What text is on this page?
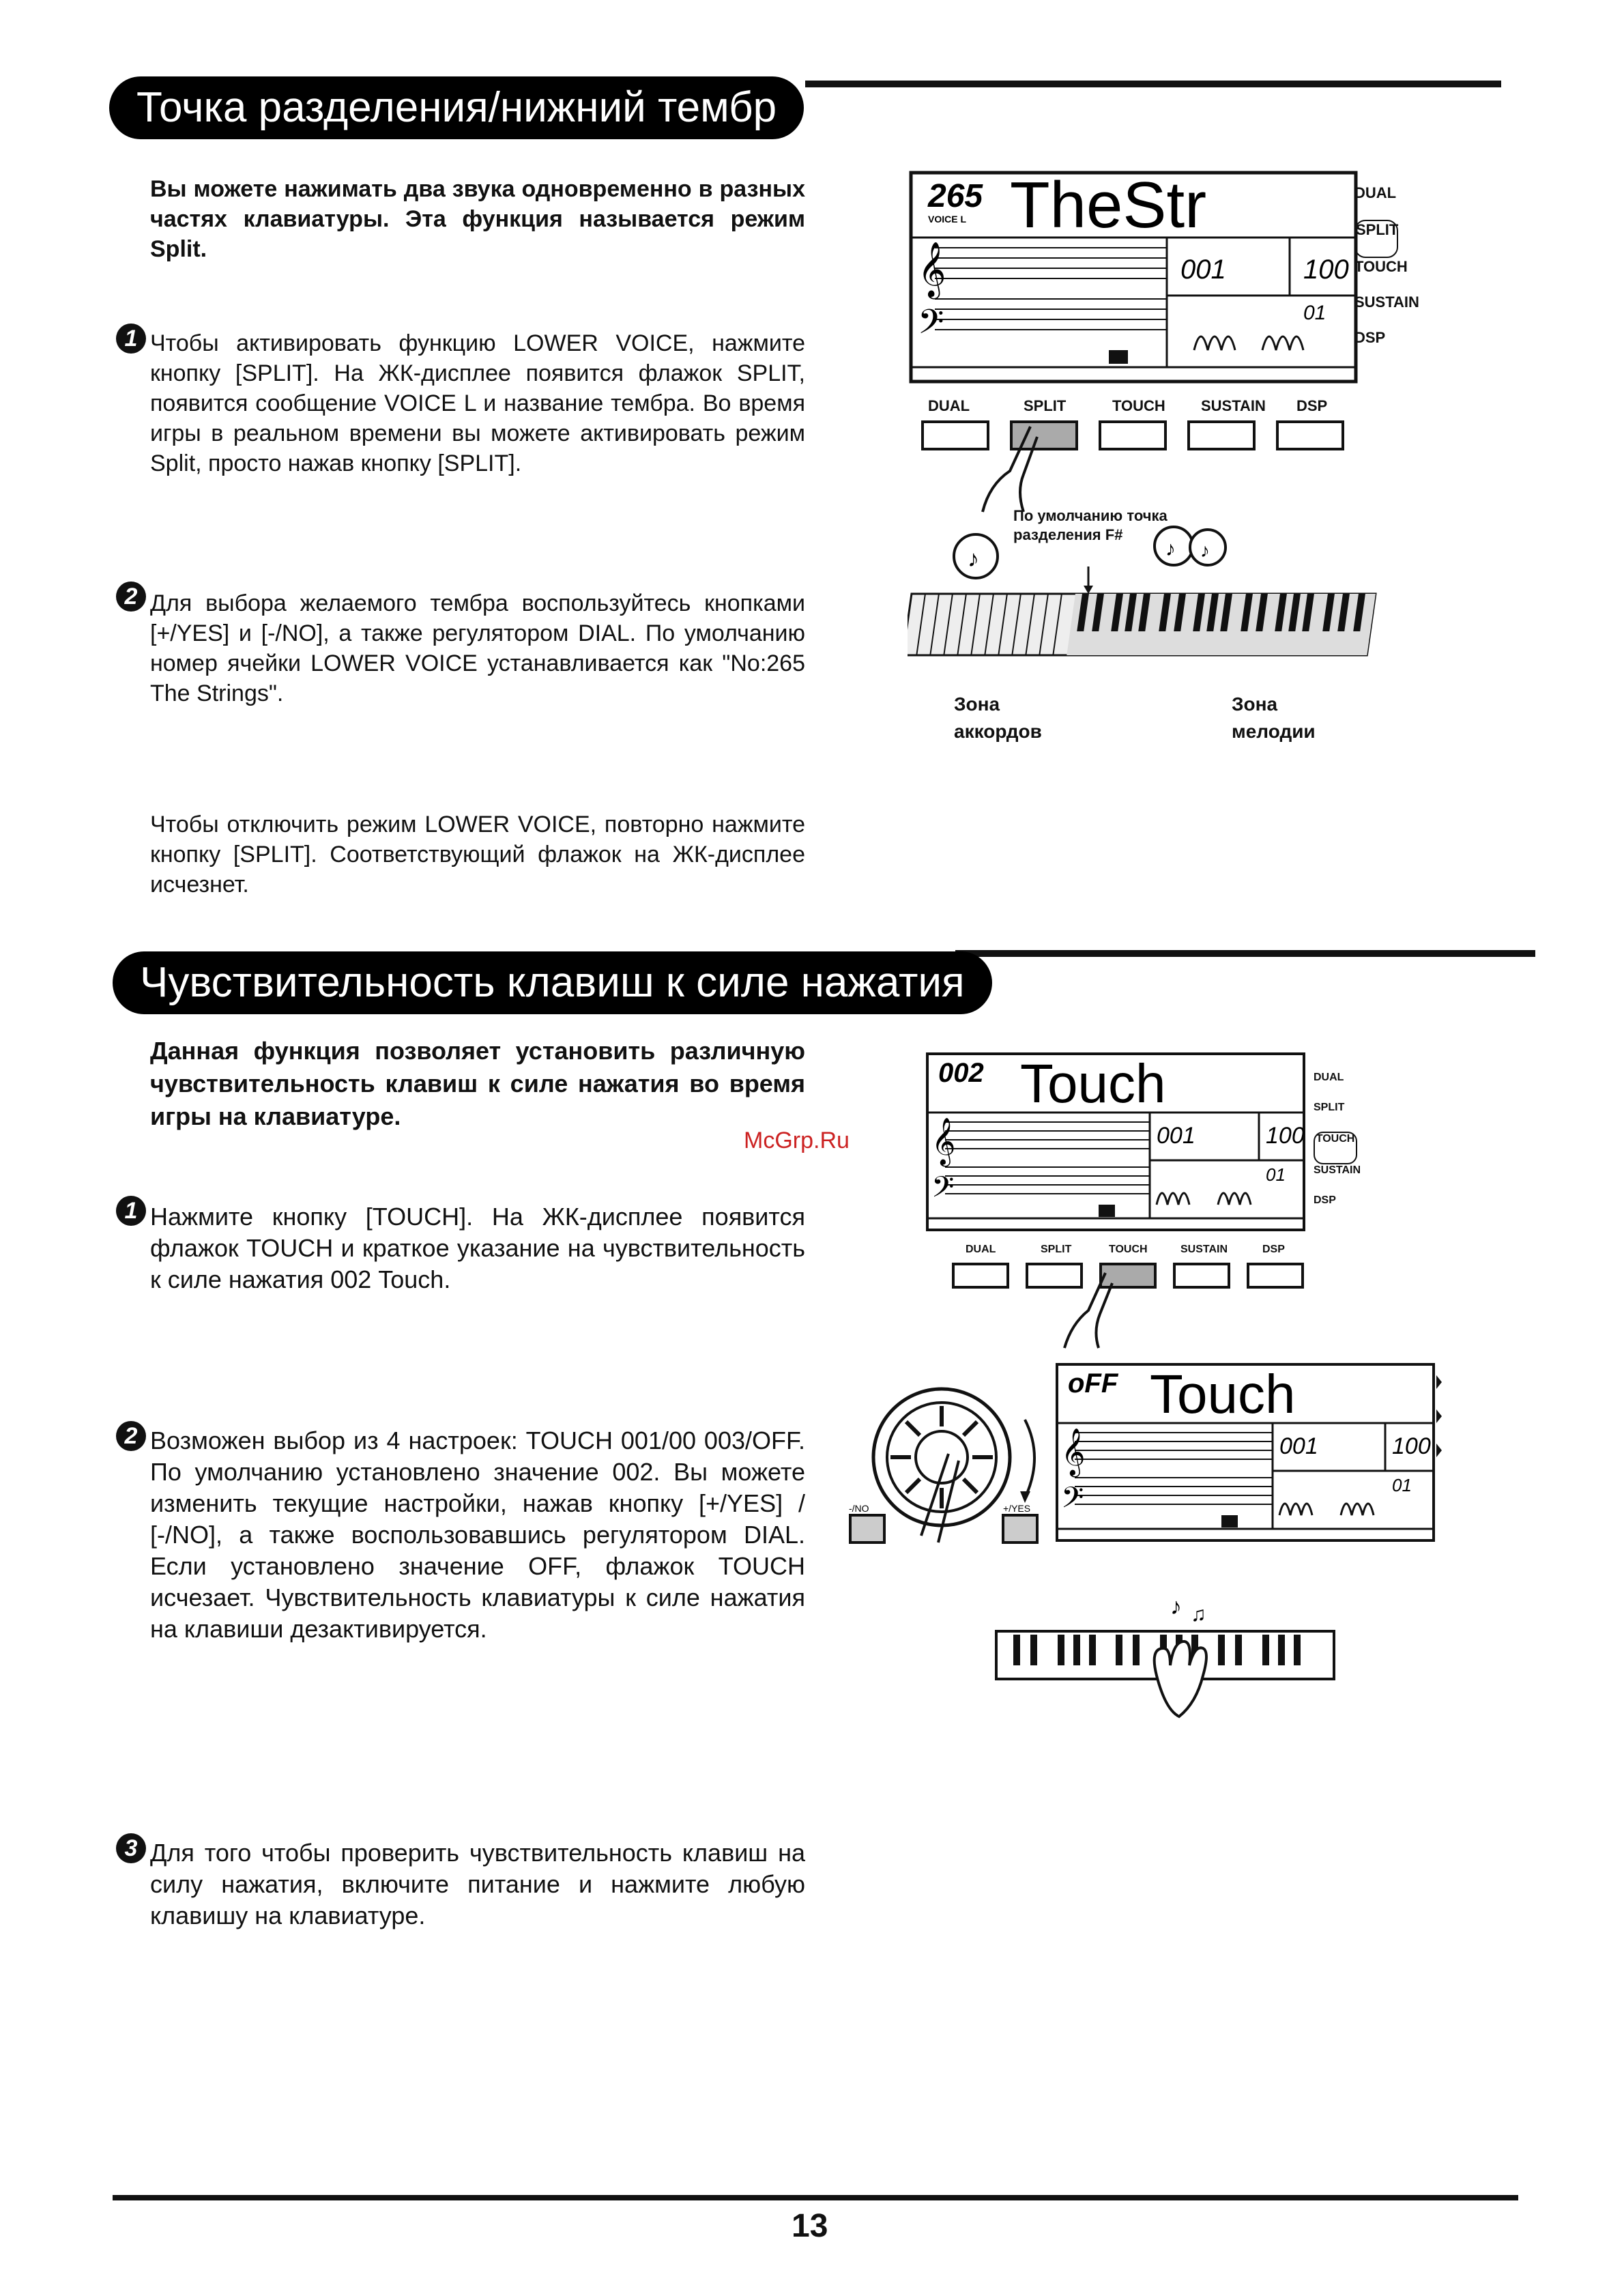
Точка разделения/нижний тембр
Вы можете нажимать два звука одновременно в разных частях клавиатуры. Эта функция называется режим Split.
1 Чтобы активировать функцию LOWER VOICE, нажмите кнопку [SPLIT]. На ЖК-дисплее появится флажок SPLIT, появится сообщение VOICE L и название тембра. Во время игры в реальном времени вы можете активировать режим Split, просто нажав кнопку [SPLIT].
2 Для выбора желаемого тембра воспользуйтесь кнопками [+/YES] и [-/NO], а также регулятором DIAL. По умолчанию номер ячейки LOWER VOICE устанавливается как "No:265 The Strings".
Чтобы отключить режим LOWER VOICE, повторно нажмите кнопку [SPLIT]. Соответствующий флажок на ЖК-дисплее исчезнет.
𝄞
𝄢
265
VOICE L TheStr
001	100
01
DUAL
SPLIT
TOUCH
SUSTAIN
DSP
DUAL	SPLIT	TOUCH SUSTAIN DSP
По умолчанию точка разделения F#
♪	♪ ♪
Зона аккордов
Зона мелодии
Чувствительность клавиш к силе нажатия
Данная функция позволяет установить различную чувствительность клавиш к силе нажатия во время игры на клавиатуре.
McGrp.Ru
1 Нажмите кнопку [TOUCH]. На ЖК-дисплее появится флажок TOUCH и краткое указание на чувствительность к силе нажатия 002 Touch.
2 Возможен выбор из 4 настроек: TOUCH 001/00 003/OFF. По умолчанию установлено значение 002. Вы можете изменить текущие настройки, нажав кнопку [+/YES] / [-/NO], а также воспользовавшись регулятором DIAL. Если установлено значение OFF, флажок TOUCH исчезает. Чувствительность клавиатуры к силе нажатия на клавиши дезактивируется.
3 Для того чтобы проверить чувствительность клавиш на силу нажатия, включите питание и нажмите любую клавишу на клавиатуре.
𝄞
𝄢
002 Touch
001	100
01
DUAL
SPLIT
TOUCH
SUSTAIN
DSP
DUAL	SPLIT	TOUCH	SUSTAIN	DSP
-/NO	+/YES
𝄞
𝄢
oFF Touch
001	100
01
♪ ♫
13
